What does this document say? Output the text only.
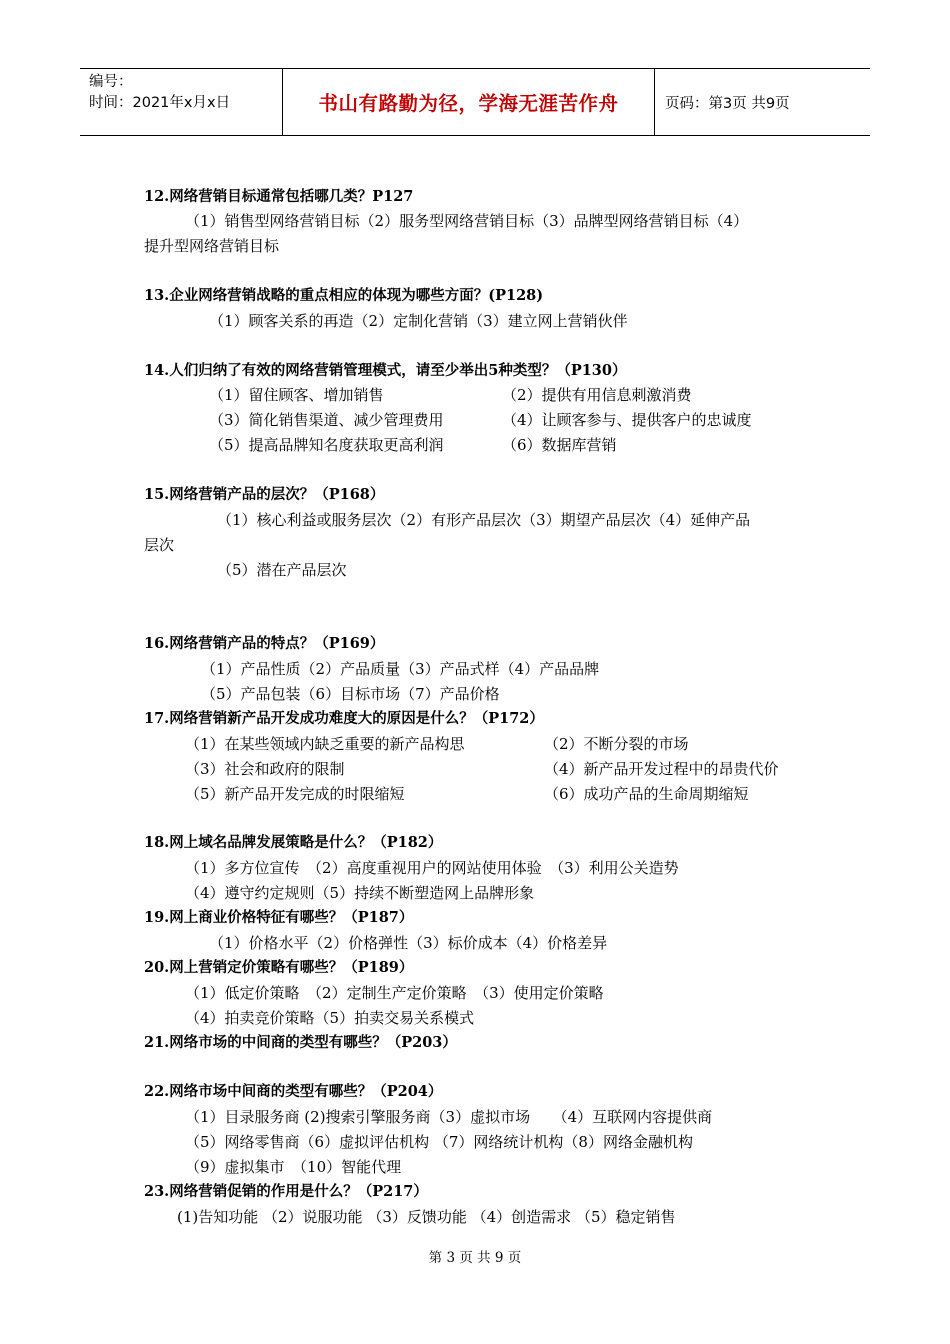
编号：
时间：2021年x月x日	书山有路勤为径，学海无涯苦作舟	页码：第3页 共9页
12.网络营销目标通常包括哪几类？P127
（1）销售型网络营销目标（2）服务型网络营销目标（3）品牌型网络营销目标（4）
提升型网络营销目标
13.企业网络营销战略的重点相应的体现为哪些方面？(P128)
（1）顾客关系的再造（2）定制化营销（3）建立网上营销伙伴
14.人们归纳了有效的网络营销管理模式，请至少举出5种类型？（P130）
（1）留住顾客、增加销售	（2）提供有用信息刺激消费
（3）简化销售渠道、减少管理费用	（4）让顾客参与、提供客户的忠诚度
（5）提高品牌知名度获取更高利润	（6）数据库营销
15.网络营销产品的层次？（P168）
（1）核心利益或服务层次（2）有形产品层次（3）期望产品层次（4）延伸产品
层次
（5）潜在产品层次
16.网络营销产品的特点？（P169）
（1）产品性质（2）产品质量（3）产品式样（4）产品品牌
（5）产品包装（6）目标市场（7）产品价格
17.网络营销新产品开发成功难度大的原因是什么？（P172）
（1）在某些领域内缺乏重要的新产品构思	（2）不断分裂的市场
（3）社会和政府的限制	（4）新产品开发过程中的昂贵代价
（5）新产品开发完成的时限缩短	（6）成功产品的生命周期缩短
18.网上域名品牌发展策略是什么？（P182）
（1）多方位宣传　（2）高度重视用户的网站使用体验　（3）利用公关造势
（4）遵守约定规则（5）持续不断塑造网上品牌形象
19.网上商业价格特征有哪些？（P187）
（1）价格水平（2）价格弹性（3）标价成本（4）价格差异
20.网上营销定价策略有哪些？（P189）
（1）低定价策略　（2）定制生产定价策略　（3）使用定价策略
（4）拍卖竞价策略（5）拍卖交易关系模式
21.网络市场的中间商的类型有哪些？（P203）
22.网络市场中间商的类型有哪些？（P204）
（1）目录服务商 (2)搜索引擎服务商（3）虚拟市场　　（4）互联网内容提供商
（5）网络零售商（6）虚拟评估机构 （7）网络统计机构（8）网络金融机构
（9）虚拟集市　（10）智能代理
23.网络营销促销的作用是什么？（P217）
(1)告知功能 （2）说服功能 （3）反馈功能 （4）创造需求 （5）稳定销售
第 3 页 共 9 页
